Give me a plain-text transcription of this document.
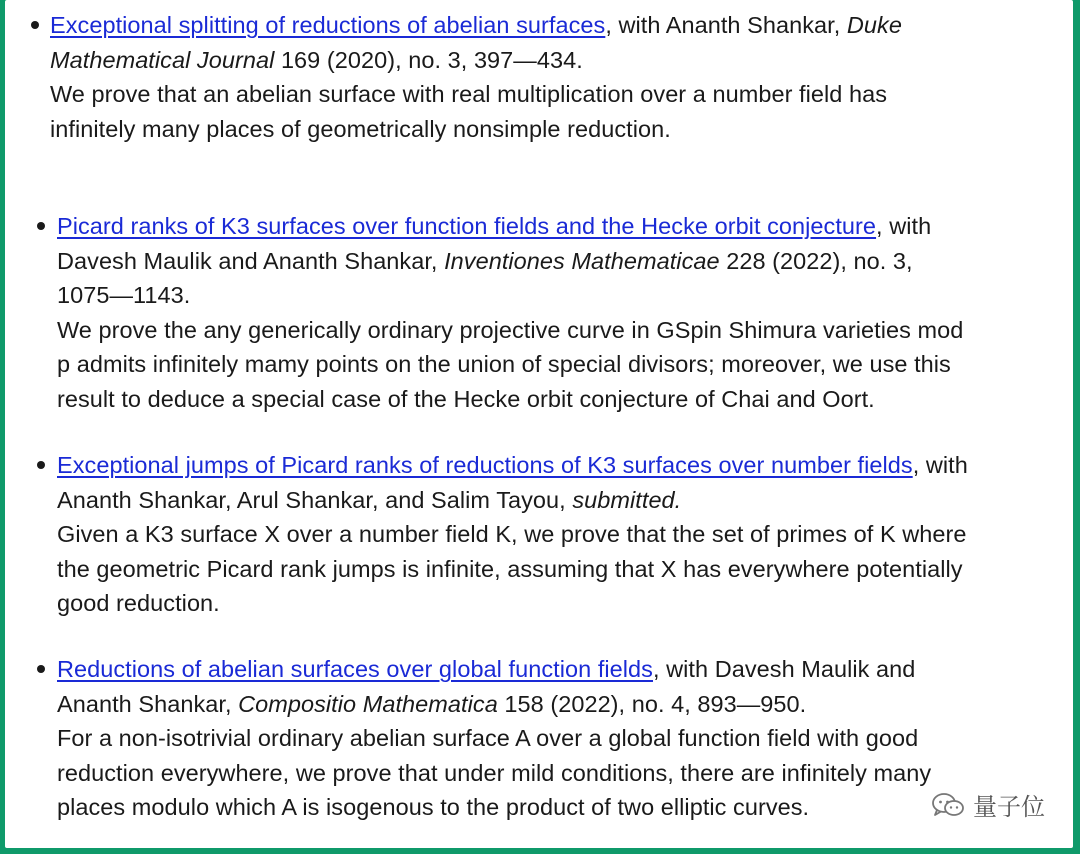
Exceptional splitting of reductions of abelian surfaces, with Ananth Shankar, Duke
Mathematical Journal 169 (2020), no. 3, 397—434.
We prove that an abelian surface with real multiplication over a number field has
infinitely many places of geometrically nonsimple reduction.
Picard ranks of K3 surfaces over function fields and the Hecke orbit conjecture, with
Davesh Maulik and Ananth Shankar, Inventiones Mathematicae 228 (2022), no. 3,
1075—1143.
We prove the any generically ordinary projective curve in GSpin Shimura varieties mod
p admits infinitely mamy points on the union of special divisors; moreover, we use this
result to deduce a special case of the Hecke orbit conjecture of Chai and Oort.
Exceptional jumps of Picard ranks of reductions of K3 surfaces over number fields, with
Ananth Shankar, Arul Shankar, and Salim Tayou, submitted.
Given a K3 surface X over a number field K, we prove that the set of primes of K where
the geometric Picard rank jumps is infinite, assuming that X has everywhere potentially
good reduction.
Reductions of abelian surfaces over global function fields, with Davesh Maulik and
Ananth Shankar, Compositio Mathematica 158 (2022), no. 4, 893—950.
For a non-isotrivial ordinary abelian surface A over a global function field with good
reduction everywhere, we prove that under mild conditions, there are infinitely many
places modulo which A is isogenous to the product of two elliptic curves.	量子位
